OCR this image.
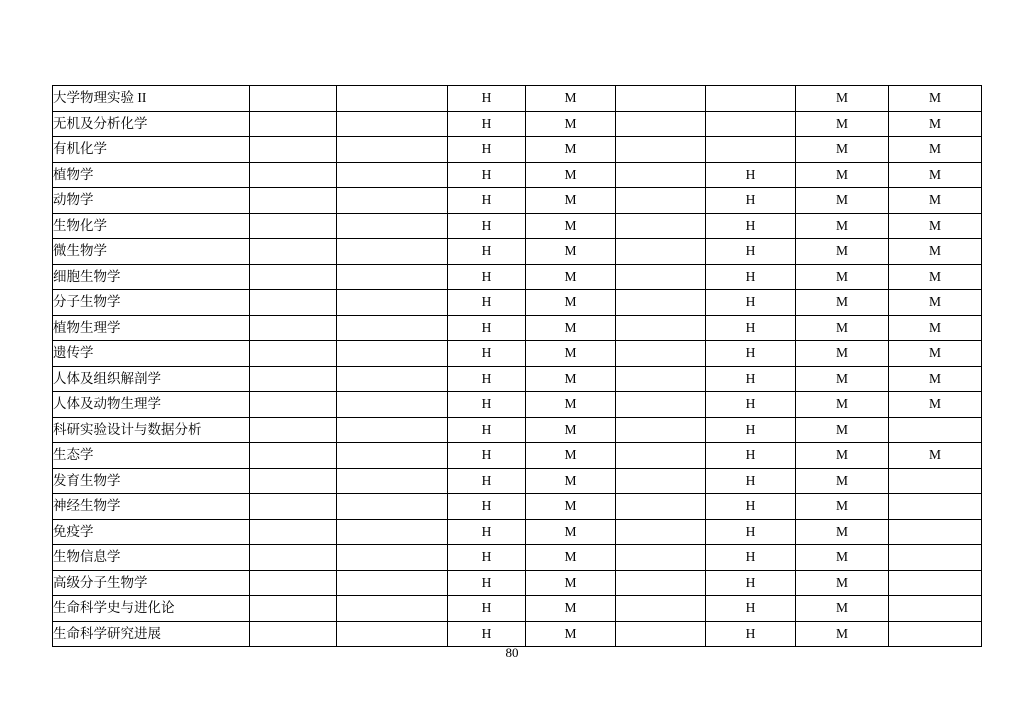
大学物理实验 II			H	M			M	M
无机及分析化学			H	M			M	M
有机化学			H	M			M	M
植物学			H	M		H	M	M
动物学			H	M		H	M	M
生物化学			H	M		H	M	M
微生物学			H	M		H	M	M
细胞生物学			H	M		H	M	M
分子生物学			H	M		H	M	M
植物生理学			H	M		H	M	M
遗传学			H	M		H	M	M
人体及组织解剖学			H	M		H	M	M
人体及动物生理学			H	M		H	M	M
科研实验设计与数据分析			H	M		H	M	
生态学			H	M		H	M	M
发育生物学			H	M		H	M	
神经生物学			H	M		H	M	
免疫学			H	M		H	M	
生物信息学			H	M		H	M	
高级分子生物学			H	M		H	M	
生命科学史与进化论			H	M		H	M	
生命科学研究进展			H	M		H	M	
80
